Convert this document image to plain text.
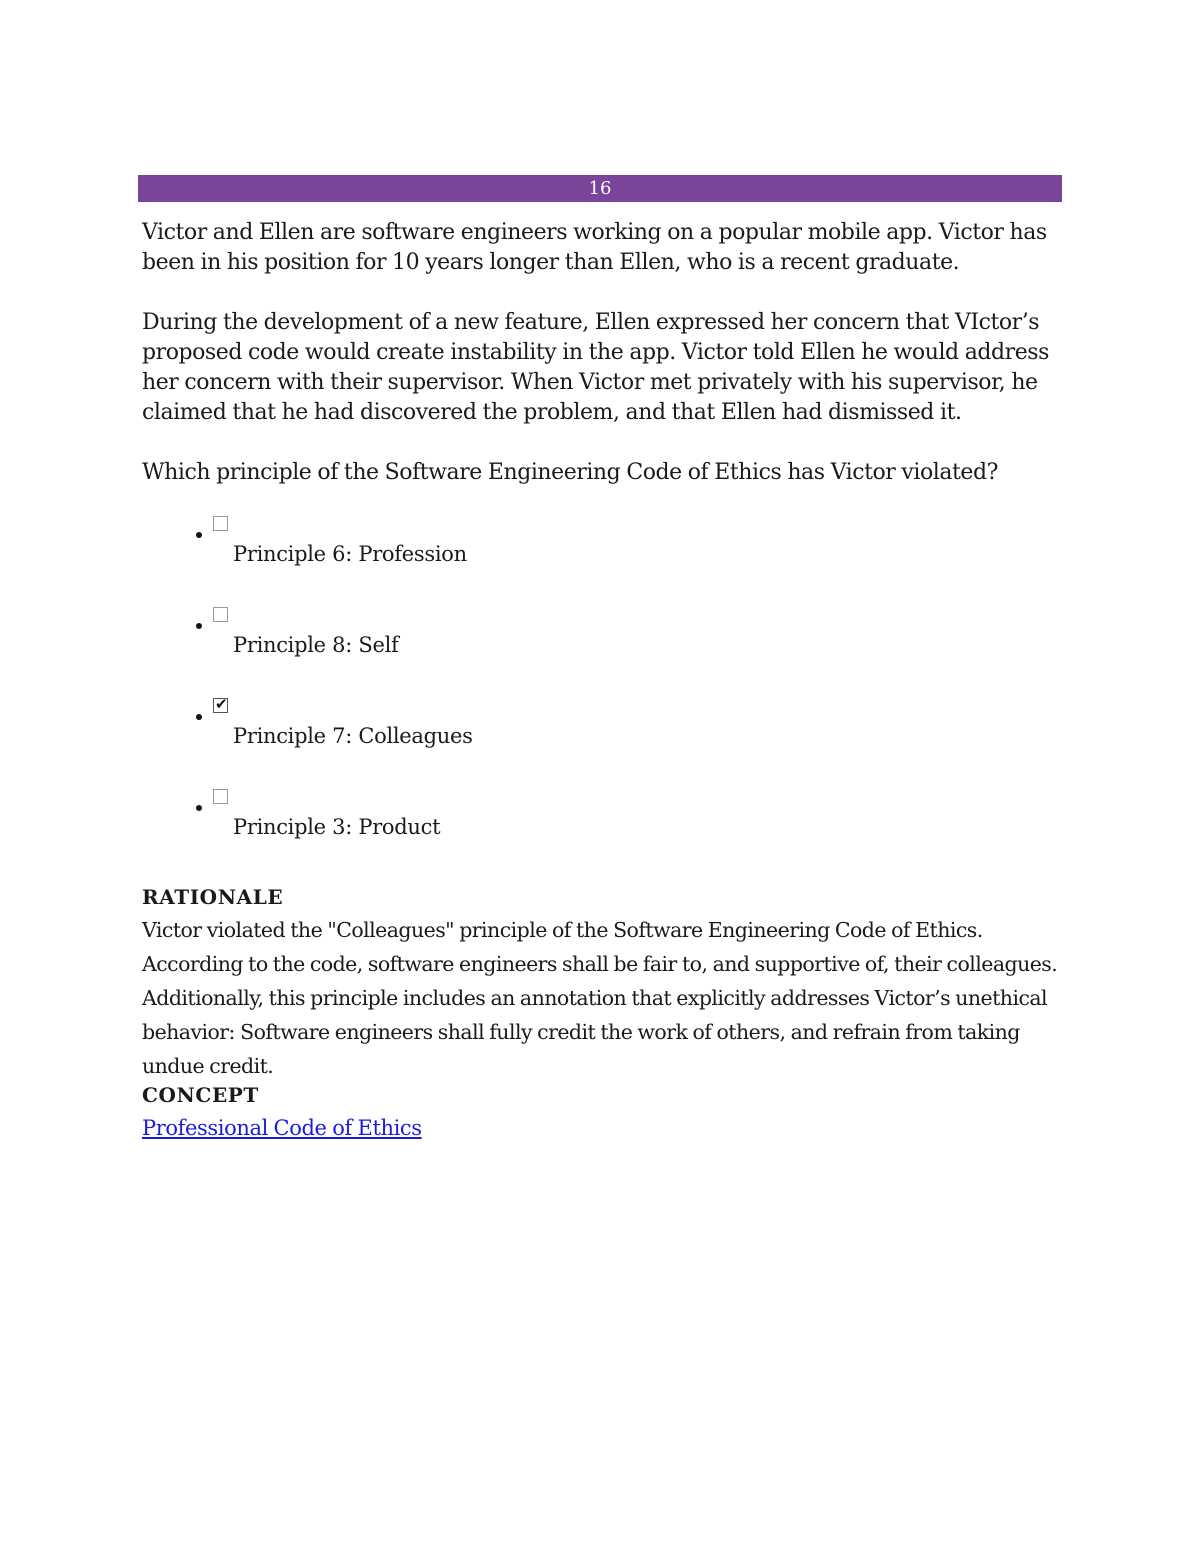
16

Victor and Ellen are software engineers working on a popular mobile app. Victor has been in his position for 10 years longer than Ellen, who is a recent graduate.

During the development of a new feature, Ellen expressed her concern that VIctor’s proposed code would create instability in the app. Victor told Ellen he would address her concern with their supervisor. When Victor met privately with his supervisor, he claimed that he had discovered the problem, and that Ellen had dismissed it.

Which principle of the Software Engineering Code of Ethics has Victor violated?

Principle 6: Profession
Principle 8: Self
✔
Principle 7: Colleagues
Principle 3: Product
RATIONALE

Victor violated the "Colleagues" principle of the Software Engineering Code of Ethics. According to the code, software engineers shall be fair to, and supportive of, their colleagues. Additionally, this principle includes an annotation that explicitly addresses Victor’s unethical behavior: Software engineers shall fully credit the work of others, and refrain from taking undue credit.

CONCEPT
Professional Code of Ethics
